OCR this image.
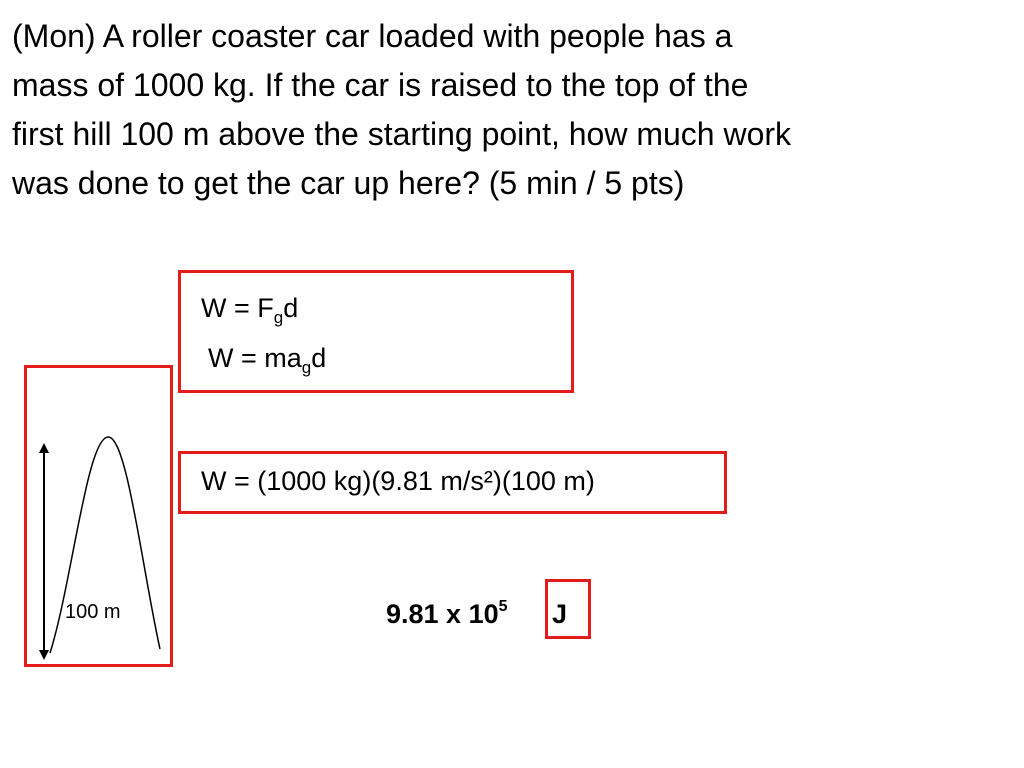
(Mon) A roller coaster car loaded with people has a
mass of 1000 kg. If the car is raised to the top of the
first hill 100 m above the starting point, how much work
was done to get the car up here? (5 min / 5 pts)
$W = F_gd$
$W = ma_gd$
W = (1000 kg)(9.81 m/s²)(100 m)
100 m	9.81 x $10^5$ J
